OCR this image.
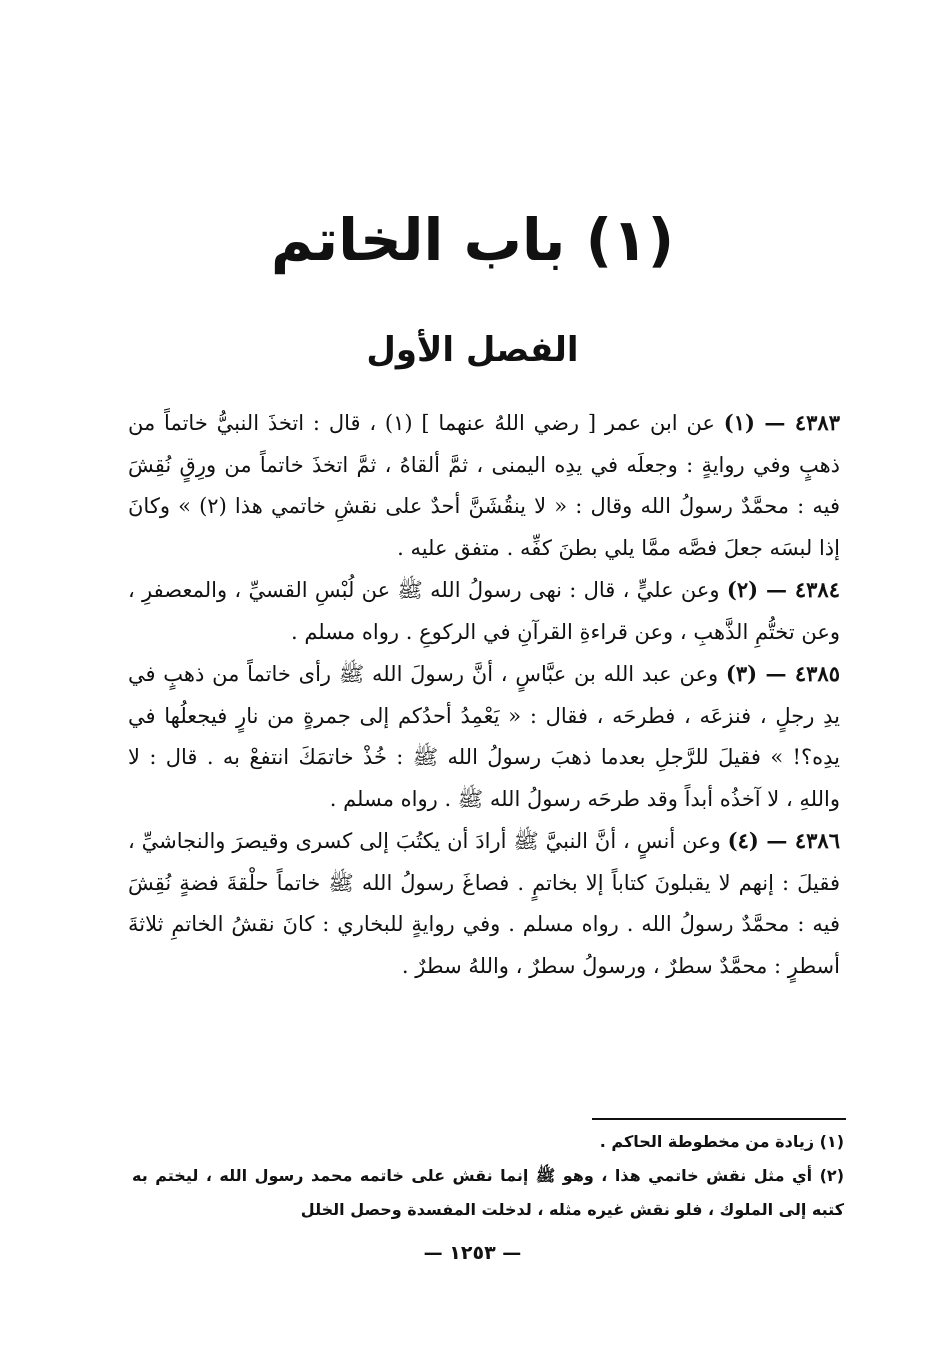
(١) باب الخاتم
الفصل الأول

٤٣٨٣ — (١) عن ابن عمر [ رضي اللهُ عنهما ] (١) ، قال : اتخذَ النبيُّ خاتماً من ذهبٍ وفي روايةٍ : وجعلَه في يدِه اليمنى ، ثمَّ ألقاهُ ، ثمَّ اتخذَ خاتماً من ورِقٍ نُقِشَ فيه : محمَّدٌ رسولُ الله وقال : « لا ينقُشَنَّ أحدٌ على نقشِ خاتمي هذا (٢) » وكانَ إذا لبسَه جعلَ فصَّه ممَّا يلي بطنَ كفِّه . متفق عليه .

٤٣٨٤ — (٢) وعن عليٍّ ، قال : نهى رسولُ الله ﷺ عن لُبْسِ القسيِّ ، والمعصفرِ ، وعن تختُّمِ الذَّهبِ ، وعن قراءةِ القرآنِ في الركوعِ . رواه مسلم .

٤٣٨٥ — (٣) وعن عبد الله بن عبَّاسٍ ، أنَّ رسولَ الله ﷺ رأى خاتماً من ذهبٍ في يدِ رجلٍ ، فنزعَه ، فطرحَه ، فقال : « يَعْمِدُ أحدُكم إلى جمرةٍ من نارٍ فيجعلُها في يدِه؟! » فقيلَ للرَّجلِ بعدما ذهبَ رسولُ الله ﷺ : خُذْ خاتمَكَ انتفعْ به . قال : لا واللهِ ، لا آخذُه أبداً وقد طرحَه رسولُ الله ﷺ . رواه مسلم .

٤٣٨٦ — (٤) وعن أنسٍ ، أنَّ النبيَّ ﷺ أرادَ أن يكتُبَ إلى كسرى وقيصرَ والنجاشيِّ ، فقيلَ : إنهم لا يقبلونَ كتاباً إلا بخاتمٍ . فصاغَ رسولُ الله ﷺ خاتماً حلْقةَ فضةٍ نُقِشَ فيه : محمَّدٌ رسولُ الله . رواه مسلم . وفي روايةٍ للبخاري : كانَ نقشُ الخاتمِ ثلاثةَ أسطرٍ : محمَّدٌ سطرٌ ، ورسولُ سطرٌ ، واللهُ سطرٌ .

(١) زيادة من مخطوطة الحاكم .

(٢) أي مثل نقش خاتمي هذا ، وهو ﷺ إنما نقش على خاتمه محمد رسول الله ، ليختم به كتبه إلى الملوك ، فلو نقش غيره مثله ، لدخلت المفسدة وحصل الخلل

— ١٢٥٣ —
